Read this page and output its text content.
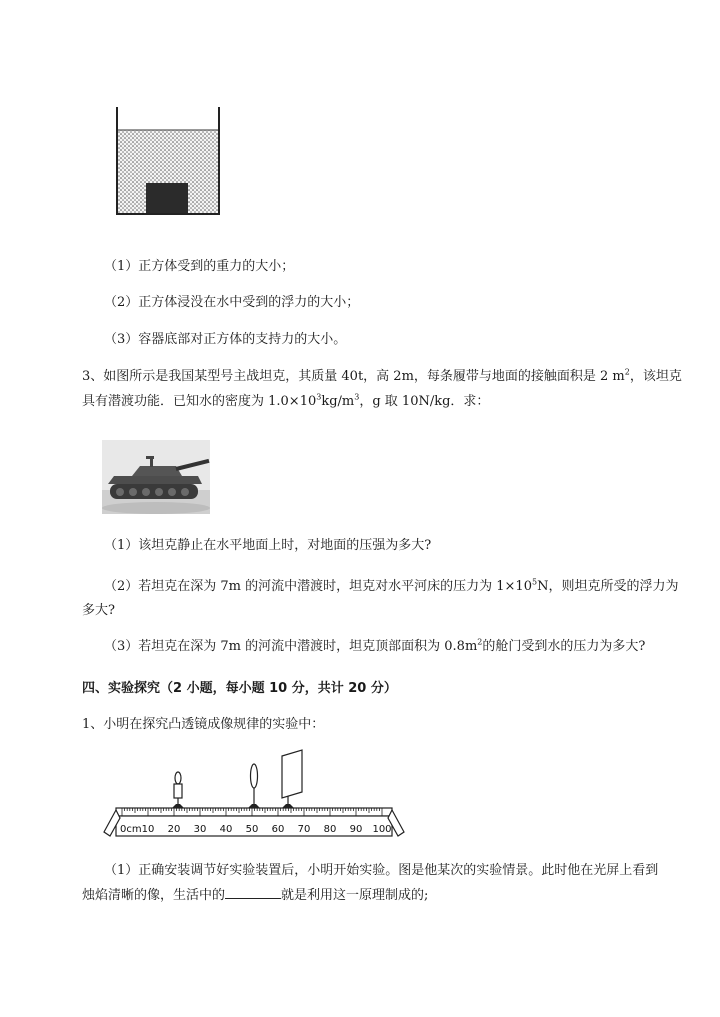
（1）正方体受到的重力的大小；
（2）正方体浸没在水中受到的浮力的大小；
（3）容器底部对正方体的支持力的大小。
3、如图所示是我国某型号主战坦克，其质量 40t，高 2m，每条履带与地面的接触面积是 2 $m^2$，该坦克
具有潜渡功能．已知水的密度为 $1.0\times 10^3kg/m^3$，g 取 10N/kg．求：
（1）该坦克静止在水平地面上时，对地面的压强为多大?
（2）若坦克在深为 7m 的河流中潜渡时，坦克对水平河床的压力为 $1\times 10^5N$，则坦克所受的浮力为
多大?
（3）若坦克在深为 7m 的河流中潜渡时，坦克顶部面积为 $0.8m^2$的舱门受到水的压力为多大?
四、实验探究（2 小题，每小题 10 分，共计 20 分）
1、小明在探究凸透镜成像规律的实验中：
10 20 30 40 50 60 70 80 90 100
0cm
（1）正确安装调节好实验装置后，小明开始实验。图是他某次的实验情景。此时他在光屏上看到
烛焰清晰的像，生活中的	就是利用这一原理制成的;
